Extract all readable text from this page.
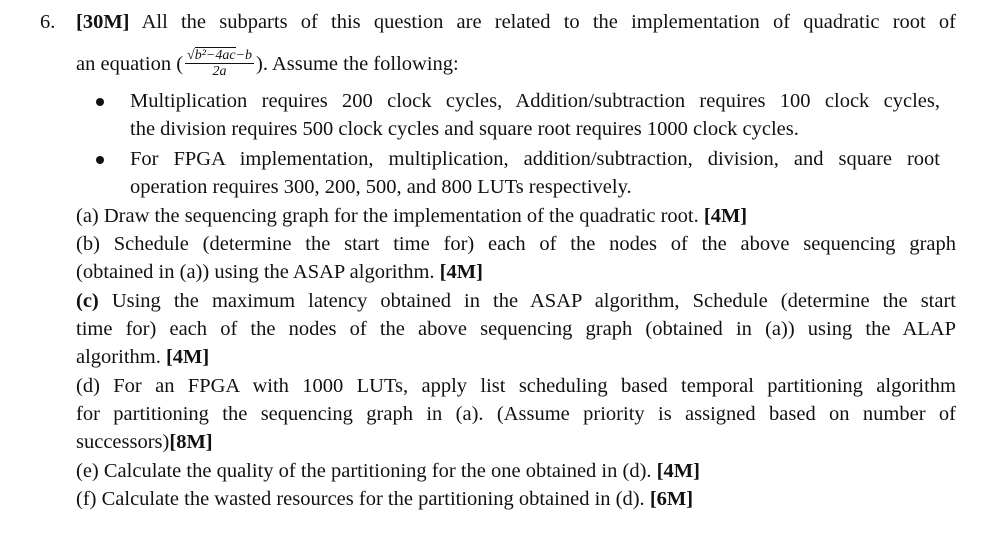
6. [30M] All the subparts of this question are related to the implementation of quadratic root of
an equation ( $\frac{\text{√b²−4ac−b}}{2a}$ ). Assume the following:
Multiplication requires 200 clock cycles, Addition/subtraction requires 100 clock cycles,
the division requires 500 clock cycles and square root requires 1000 clock cycles.
For FPGA implementation, multiplication, addition/subtraction, division, and square root
operation requires 300, 200, 500, and 800 LUTs respectively.
(a) Draw the sequencing graph for the implementation of the quadratic root. [4M]
(b) Schedule (determine the start time for) each of the nodes of the above sequencing graph
(obtained in (a)) using the ASAP algorithm. [4M]
(c) Using the maximum latency obtained in the ASAP algorithm, Schedule (determine the start
time for) each of the nodes of the above sequencing graph (obtained in (a)) using the ALAP
algorithm. [4M]
(d) For an FPGA with 1000 LUTs, apply list scheduling based temporal partitioning algorithm
for partitioning the sequencing graph in (a). (Assume priority is assigned based on number of
successors)[8M]
(e) Calculate the quality of the partitioning for the one obtained in (d). [4M]
(f) Calculate the wasted resources for the partitioning obtained in (d). [6M]
